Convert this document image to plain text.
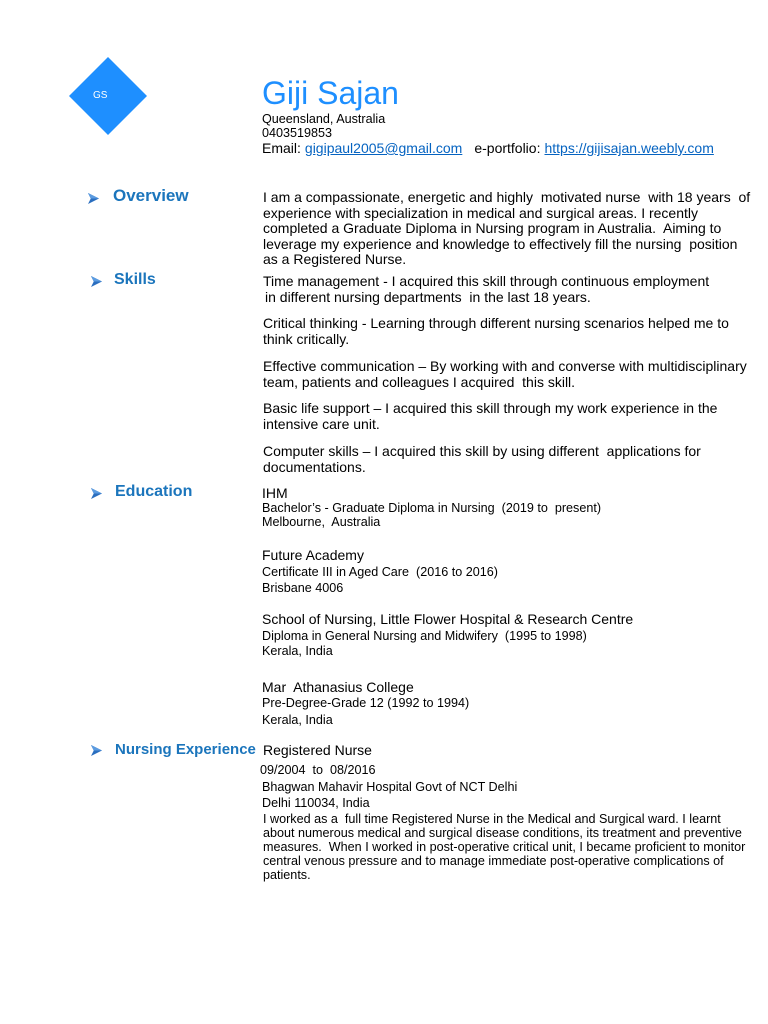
GS	Giji Sajan
Queensland, Australia
0403519853
Email: gigipaul2005@gmail.com e-portfolio: https://gijisajan.weebly.com
Overview	I am a compassionate, energetic and highly  motivated nurse  with 18 years  of
experience with specialization in medical and surgical areas. I recently
completed a Graduate Diploma in Nursing program in Australia.  Aiming to
leverage my experience and knowledge to effectively fill the nursing  position
as a Registered Nurse.
Skills	Time management - I acquired this skill through continuous employment
in different nursing departments  in the last 18 years.
Critical thinking - Learning through different nursing scenarios helped me to
think critically.
Effective communication – By working with and converse with multidisciplinary
team, patients and colleagues I acquired  this skill.
Basic life support – I acquired this skill through my work experience in the
intensive care unit.
Computer skills – I acquired this skill by using different  applications for
documentations.
Education	IHM
Bachelor’s - Graduate Diploma in Nursing  (2019 to  present)
Melbourne,  Australia
Future Academy
Certificate III in Aged Care  (2016 to 2016)
Brisbane 4006
School of Nursing, Little Flower Hospital & Research Centre
Diploma in General Nursing and Midwifery  (1995 to 1998)
Kerala, India
Mar  Athanasius College
Pre-Degree-Grade 12 (1992 to 1994)
Kerala, India
Nursing Experience Registered Nurse
09/2004  to  08/2016
Bhagwan Mahavir Hospital Govt of NCT Delhi
Delhi 110034, India
I worked as a  full time Registered Nurse in the Medical and Surgical ward. I learnt
about numerous medical and surgical disease conditions, its treatment and preventive
measures.  When I worked in post-operative critical unit, I became proficient to monitor
central venous pressure and to manage immediate post-operative complications of
patients.
